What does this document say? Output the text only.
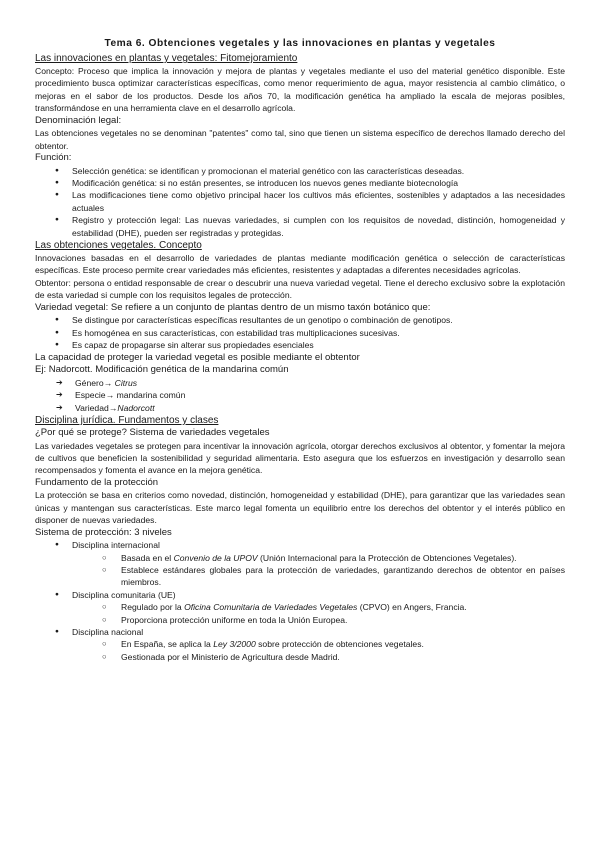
Tema 6. Obtenciones vegetales y las innovaciones en plantas y vegetales
Las innovaciones en plantas y vegetales: Fitomejoramiento

Concepto: Proceso que implica la innovación y mejora de plantas y vegetales mediante el uso del material genético disponible. Este procedimiento busca optimizar características específicas, como menor requerimiento de agua, mayor resistencia al cambio climático, o mejoras en el sabor de los productos. Desde los años 70, la modificación genética ha ampliado la escala de mejoras posibles, transformándose en una herramienta clave en el desarrollo agrícola.

Denominación legal:

Las obtenciones vegetales no se denominan "patentes" como tal, sino que tienen un sistema específico de derechos llamado derecho del obtentor.

Función:
● Selección genética: se identifican y promocionan el material genético con las características deseadas.
● Modificación genética: si no están presentes, se introducen los nuevos genes mediante biotecnología
● Las modificaciones tiene como objetivo principal hacer los cultivos más eficientes, sostenibles y adaptados a las necesidades actuales
● Registro y protección legal: Las nuevas variedades, si cumplen con los requisitos de novedad, distinción, homogeneidad y estabilidad (DHE), pueden ser registradas y protegidas.
Las obtenciones vegetales. Concepto

Innovaciones basadas en el desarrollo de variedades de plantas mediante modificación genética o selección de características específicas. Este proceso permite crear variedades más eficientes, resistentes y adaptadas a diferentes necesidades agrícolas.

Obtentor: persona o entidad responsable de crear o descubrir una nueva variedad vegetal. Tiene el derecho exclusivo sobre la explotación de esta variedad si cumple con los requisitos legales de protección.

Variedad vegetal: Se refiere a un conjunto de plantas dentro de un mismo taxón botánico que:
● Se distingue por características específicas resultantes de un genotipo o combinación de genotipos.
● Es homogénea en sus características, con estabilidad tras multiplicaciones sucesivas.
● Es capaz de propagarse sin alterar sus propiedades esenciales
La capacidad de proteger la variedad vegetal es posible mediante el obtentor
Ej: Nadorcott. Modificación genética de la mandarina común
➔ Género→ Citrus
➔ Especie→ mandarina común
➔ Variedad→Nadorcott
Disciplina jurídica. Fundamentos y clases
¿Por qué se protege? Sistema de variedades vegetales

Las variedades vegetales se protegen para incentivar la innovación agrícola, otorgar derechos exclusivos al obtentor, y fomentar la mejora de cultivos que beneficien la sostenibilidad y seguridad alimentaria. Esto asegura que los esfuerzos en investigación y desarrollo sean recompensados y fomenta el avance en la mejora genética.

Fundamento de la protección

La protección se basa en criterios como novedad, distinción, homogeneidad y estabilidad (DHE), para garantizar que las variedades sean únicas y mantengan sus características. Este marco legal fomenta un equilibrio entre los derechos del obtentor y el interés público en disponer de nuevas variedades.

Sistema de protección: 3 niveles
● Disciplina internacional
○ Basada en el Convenio de la UPOV (Unión Internacional para la Protección de Obtenciones Vegetales).
○ Establece estándares globales para la protección de variedades, garantizando derechos de obtentor en países miembros.
● Disciplina comunitaria (UE)
○ Regulado por la Oficina Comunitaria de Variedades Vegetales (CPVO) en Angers, Francia.
○ Proporciona protección uniforme en toda la Unión Europea.
● Disciplina nacional
○ En España, se aplica la Ley 3/2000 sobre protección de obtenciones vegetales.
○ Gestionada por el Ministerio de Agricultura desde Madrid.
